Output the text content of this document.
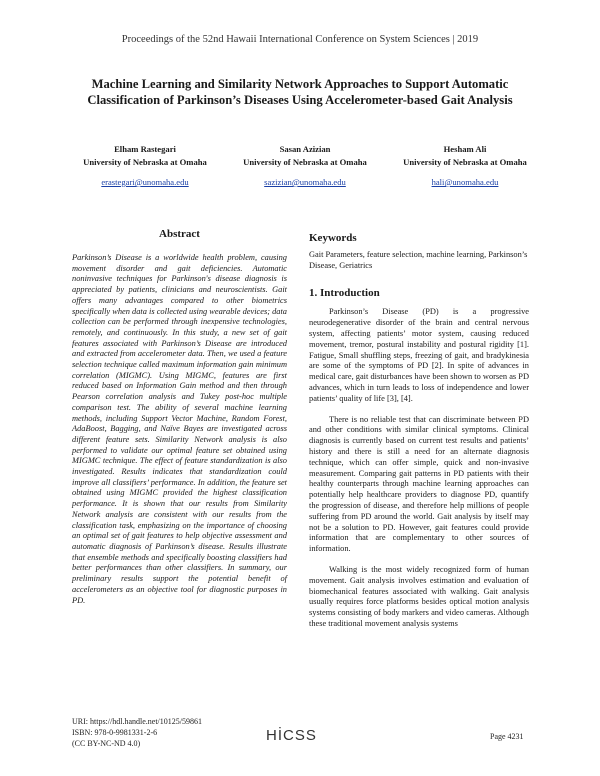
Proceedings of the 52nd Hawaii International Conference on System Sciences | 2019
Machine Learning and Similarity Network Approaches to Support Automatic Classification of Parkinson’s Diseases Using Accelerometer-based Gait Analysis
Elham Rastegari
University of Nebraska at Omaha
erastegari@unomaha.edu
Sasan Azizian
University of Nebraska at Omaha
sazizian@unomaha.edu
Hesham Ali
University of Nebraska at Omaha
hali@unomaha.edu
Abstract
Parkinson’s Disease is a worldwide health problem, causing movement disorder and gait deficiencies. Automatic noninvasive techniques for Parkinson's disease diagnosis is appreciated by patients, clinicians and neuroscientists. Gait offers many advantages compared to other biometrics specifically when data is collected using wearable devices; data collection can be performed through inexpensive technologies, remotely, and continuously. In this study, a new set of gait features associated with Parkinson’s Disease are introduced and extracted from accelerometer data. Then, we used a feature selection technique called maximum information gain minimum correlation (MIGMC). Using MIGMC, features are first reduced based on Information Gain method and then through Pearson correlation analysis and Tukey post-hoc multiple comparison test. The ability of several machine learning methods, including Support Vector Machine, Random Forest, AdaBoost, Bagging, and Naïve Bayes are investigated across different feature sets. Similarity Network analysis is also performed to validate our optimal feature set obtained using MIGMC technique. The effect of feature standardization is also investigated. Results indicates that standardization could improve all classifiers’ performance. In addition, the feature set obtained using MIGMC provided the highest classification performance. It is shown that our results from Similarity Network analysis are consistent with our results from the classification task, emphasizing on the importance of choosing an optimal set of gait features to help objective assessment and automatic diagnosis of Parkinson’s disease. Results illustrate that ensemble methods and specifically boosting classifiers had better performances than other classifiers. In summary, our preliminary results support the potential benefit of accelerometers as an objective tool for diagnostic purposes in PD.
Keywords
Gait Parameters, feature selection, machine learning, Parkinson’s Disease, Geriatrics
1. Introduction

Parkinson’s Disease (PD) is a progressive neurodegenerative disorder of the brain and central nervous system, affecting patients’ motor system, causing reduced movement, tremor, postural instability and postural rigidity [1]. Fatigue, Small shuffling steps, freezing of gait, and bradykinesia are some of the symptoms of PD [2]. In spite of advances in medical care, gait disturbances have been shown to worsen as PD advances, which in turn leads to loss of independence and lower patients’ quality of life [3], [4].

There is no reliable test that can discriminate between PD and other conditions with similar clinical symptoms. Clinical diagnosis is currently based on current test results and patients’ history and there is still a need for an alternate diagnosis technique, which can offer simple, quick and non-invasive measurement. Comparing gait patterns in PD patients with their healthy counterparts through machine learning approaches can potentially help healthcare providers to diagnose PD, quantify the progression of disease, and therefore help millions of people suffering from PD around the world. Gait analysis by itself may not be a solution to PD. However, gait features could provide information that are complementary to other sources of information.

Walking is the most widely recognized form of human movement. Gait analysis involves estimation and evaluation of biomechanical features associated with walking. Gait analysis usually requires force platforms besides optical motion analysis systems consisting of body markers and video cameras. Although these traditional movement analysis systems

URI: https://hdl.handle.net/10125/59861
ISBN: 978-0-9981331-2-6
(CC BY-NC-ND 4.0)	HİCSS	Page 4231
